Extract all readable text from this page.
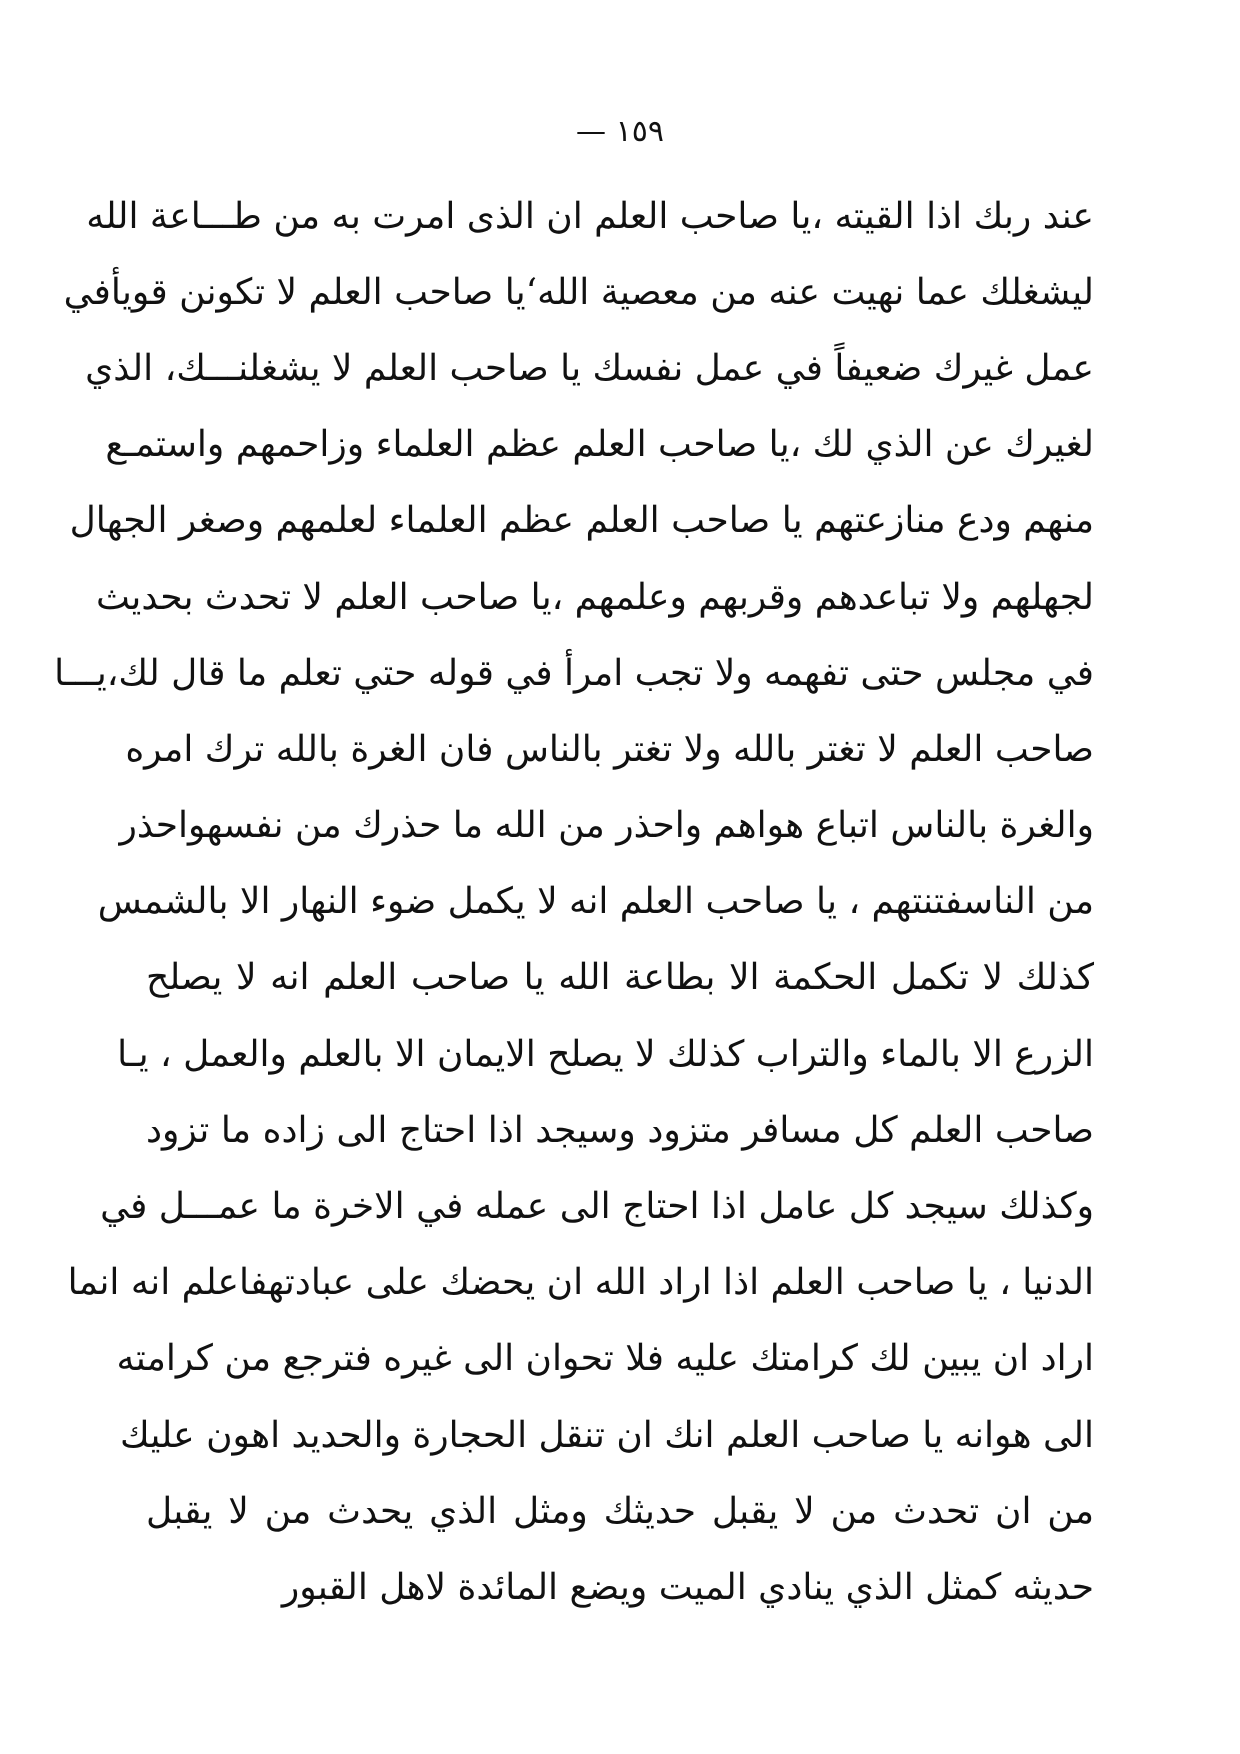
— ١٥٩
عند ربك اذا القيته ،يا صاحب العلم ان الذى امرت به من طـــاعة الله
ليشغلك عما نهيت عنه من معصية الله‘يا صاحب العلم لا تكونن قويأفي
عمل غيرك ضعيفاً في عمل نفسك يا صاحب العلم لا يشغلنـــك، الذي
لغيرك عن الذي لك ،يا صاحب العلم عظم العلماء وزاحمهم واستمـع
منهم ودع منازعتهم يا صاحب العلم عظم العلماء لعلمهم وصغر الجهال
لجهلهم ولا تباعدهم وقربهم وعلمهم ،يا صاحب العلم لا تحدث بحديث
في مجلس حتى تفهمه ولا تجب امرأ في قوله حتي تعلم ما قال لك،يـــا
صاحب العلم لا تغتر بالله ولا تغتر بالناس فان الغرة بالله ترك امره
والغرة بالناس اتباع هواهم واحذر من الله ما حذرك من نفسهواحذر
من الناسفتنتهم ، يا صاحب العلم انه لا يكمل ضوء النهار الا بالشمس
كذلك لا تكمل الحكمة الا بطاعة الله يا صاحب العلم انه لا يصلح
الزرع الا بالماء والتراب كذلك لا يصلح الايمان الا بالعلم والعمل ، يـا
صاحب العلم كل مسافر متزود وسيجد اذا احتاج الى زاده ما تزود
وكذلك سيجد كل عامل اذا احتاج الى عمله في الاخرة ما عمـــل في
الدنيا ، يا صاحب العلم اذا اراد الله ان يحضك على عبادتهفاعلم انه انما
اراد ان يبين لك كرامتك عليه فلا تحوان الى غيره فترجع من كرامته
الى هوانه يا صاحب العلم انك ان تنقل الحجارة والحديد اهون عليك
من ان تحدث من لا يقبل حديثك ومثل الذي يحدث من لا يقبل
حديثه كمثل الذي ينادي الميت ويضع المائدة لاهل القبور
